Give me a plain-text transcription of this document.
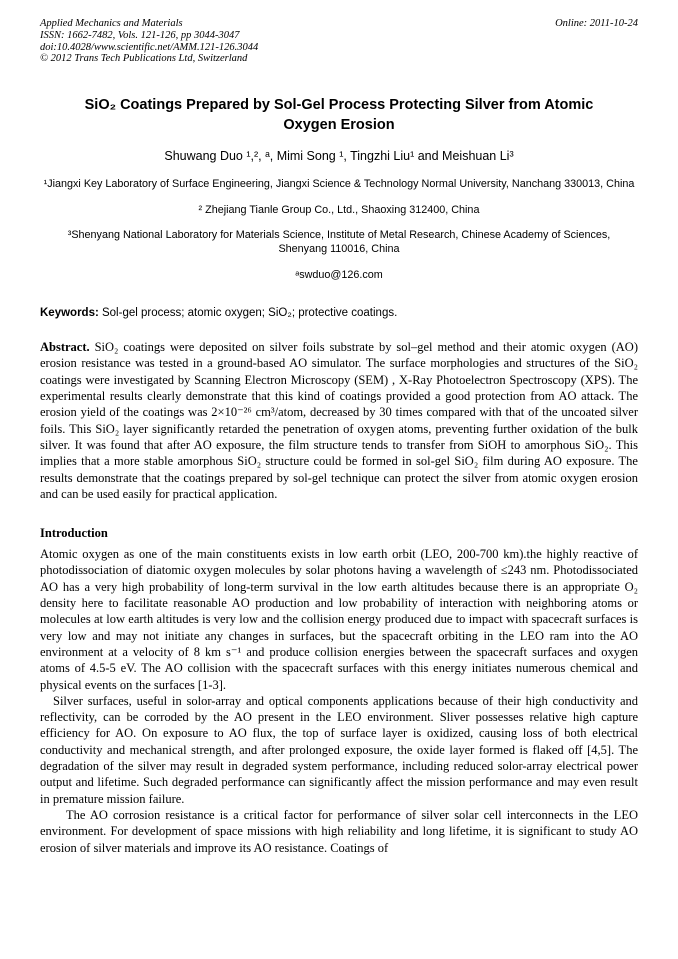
Applied Mechanics and Materials
ISSN: 1662-7482, Vols. 121-126, pp 3044-3047
doi:10.4028/www.scientific.net/AMM.121-126.3044
© 2012 Trans Tech Publications Ltd, Switzerland
Online: 2011-10-24
SiO₂ Coatings Prepared by Sol-Gel Process Protecting Silver from Atomic Oxygen Erosion
Shuwang Duo ¹,², ᵃ, Mimi Song ¹, Tingzhi Liu¹ and Meishuan Li³
¹Jiangxi Key Laboratory of Surface Engineering, Jiangxi Science & Technology Normal University, Nanchang 330013, China
² Zhejiang Tianle Group Co., Ltd., Shaoxing 312400, China
³Shenyang National Laboratory for Materials Science, Institute of Metal Research, Chinese Academy of Sciences, Shenyang 110016, China
ᵃswduo@126.com

Keywords: Sol-gel process; atomic oxygen; SiO₂; protective coatings.

Abstract. SiO₂ coatings were deposited on silver foils substrate by sol–gel method and their atomic oxygen (AO) erosion resistance was tested in a ground-based AO simulator. The surface morphologies and structures of the SiO₂ coatings were investigated by Scanning Electron Microscopy (SEM) , X-Ray Photoelectron Spectroscopy (XPS). The experimental results clearly demonstrate that this kind of coatings provided a good protection from AO attack. The erosion yield of the coatings was 2×10⁻²⁶ cm³/atom, decreased by 30 times compared with that of the uncoated silver foils. This SiO₂ layer significantly retarded the penetration of oxygen atoms, preventing further oxidation of the bulk silver. It was found that after AO exposure, the film structure tends to transfer from SiOH to amorphous SiO₂. This implies that a more stable amorphous SiO₂ structure could be formed in sol-gel SiO₂ film during AO exposure. The results demonstrate that the coatings prepared by sol-gel technique can protect the silver from atomic oxygen erosion and can be used easily for practical application.

Introduction

Atomic oxygen as one of the main constituents exists in low earth orbit (LEO, 200-700 km).the highly reactive of photodissociation of diatomic oxygen molecules by solar photons having a wavelength of ≤243 nm. Photodissociated AO has a very high probability of long-term survival in the low earth altitudes because there is an appropriate O₂ density here to facilitate reasonable AO production and low probability of interaction with neighboring atoms or molecules at low earth altitudes is very low and the collision energy produced due to impact with spacecraft surfaces is very low and may not initiate any changes in surfaces, but the spacecraft orbiting in the LEO ram into the AO environment at a velocity of 8 km s⁻¹ and produce collision energies between the spacecraft surfaces and oxygen atoms of 4.5-5 eV. The AO collision with the spacecraft surfaces with this energy initiates numerous chemical and physical events on the surfaces [1-3].

Silver surfaces, useful in solor-array and optical components applications because of their high conductivity and reflectivity, can be corroded by the AO present in the LEO environment. Sliver possesses relative high capture efficiency for AO. On exposure to AO flux, the top of surface layer is oxidized, causing loss of both electrical conductivity and mechanical strength, and after prolonged exposure, the oxide layer formed is flaked off [4,5]. The degradation of the silver may result in degraded system performance, including reduced solor-array electrical power output and lifetime. Such degraded performance can significantly affect the mission performance and may even result in premature mission failure.

The AO corrosion resistance is a critical factor for performance of silver solar cell interconnects in the LEO environment. For development of space missions with high reliability and long lifetime, it is significant to study AO erosion of silver materials and improve its AO resistance. Coatings of
